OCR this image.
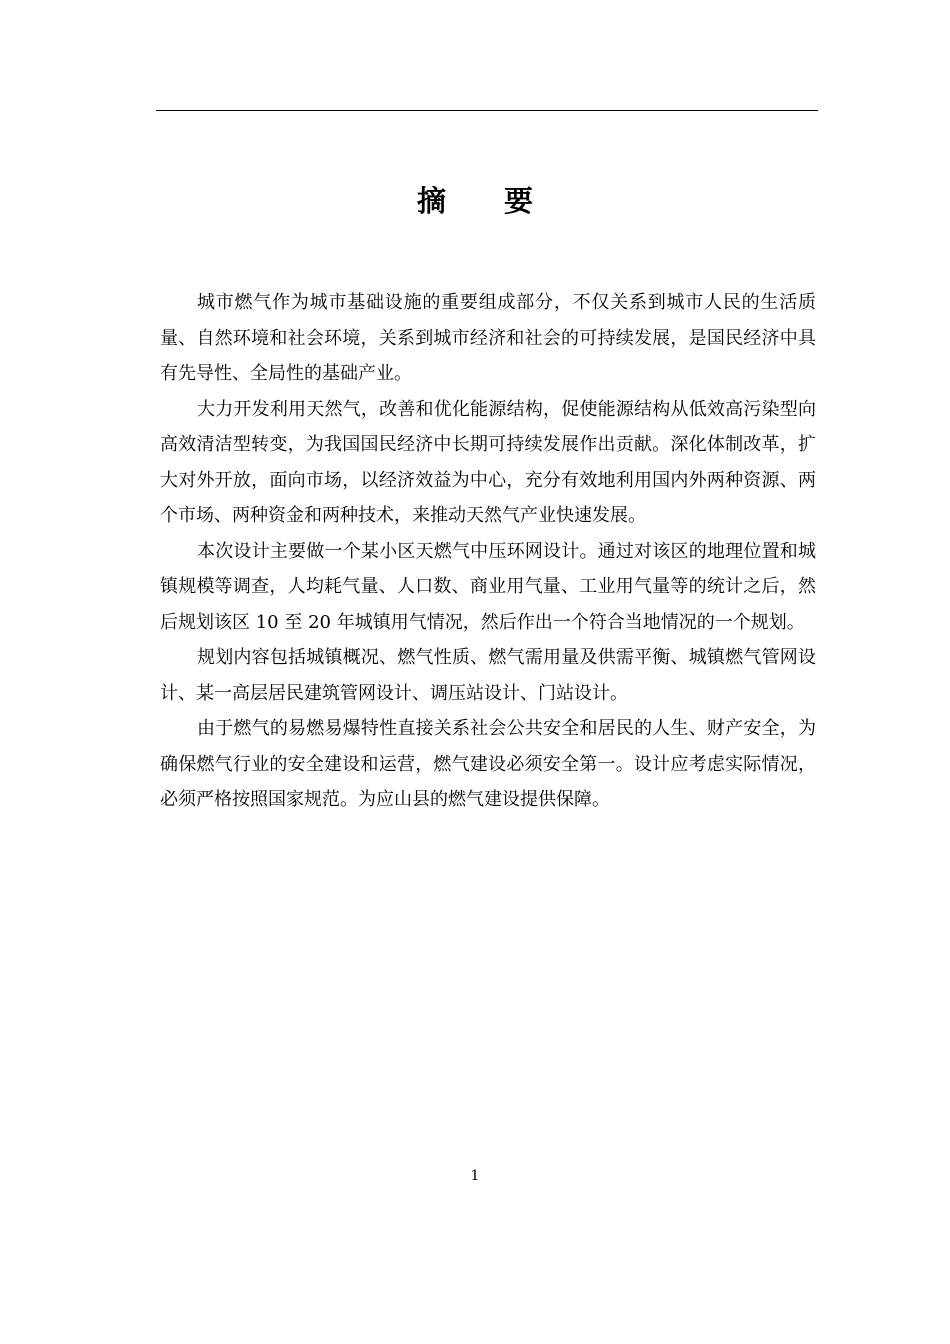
摘 要

城市燃气作为城市基础设施的重要组成部分，不仅关系到城市人民的生活质量、自然环境和社会环境，关系到城市经济和社会的可持续发展，是国民经济中具有先导性、全局性的基础产业。

大力开发利用天然气，改善和优化能源结构，促使能源结构从低效高污染型向高效清洁型转变，为我国国民经济中长期可持续发展作出贡献。深化体制改革，扩大对外开放，面向市场，以经济效益为中心，充分有效地利用国内外两种资源、两个市场、两种资金和两种技术，来推动天然气产业快速发展。

本次设计主要做一个某小区天燃气中压环网设计。通过对该区的地理位置和城镇规模等调查，人均耗气量、人口数、商业用气量、工业用气量等的统计之后，然后规划该区 10 至 20 年城镇用气情况，然后作出一个符合当地情况的一个规划。

规划内容包括城镇概况、燃气性质、燃气需用量及供需平衡、城镇燃气管网设计、某一高层居民建筑管网设计、调压站设计、门站设计。

由于燃气的易燃易爆特性直接关系社会公共安全和居民的人生、财产安全，为确保燃气行业的安全建设和运营，燃气建设必须安全第一。设计应考虑实际情况，必须严格按照国家规范。为应山县的燃气建设提供保障。

1
